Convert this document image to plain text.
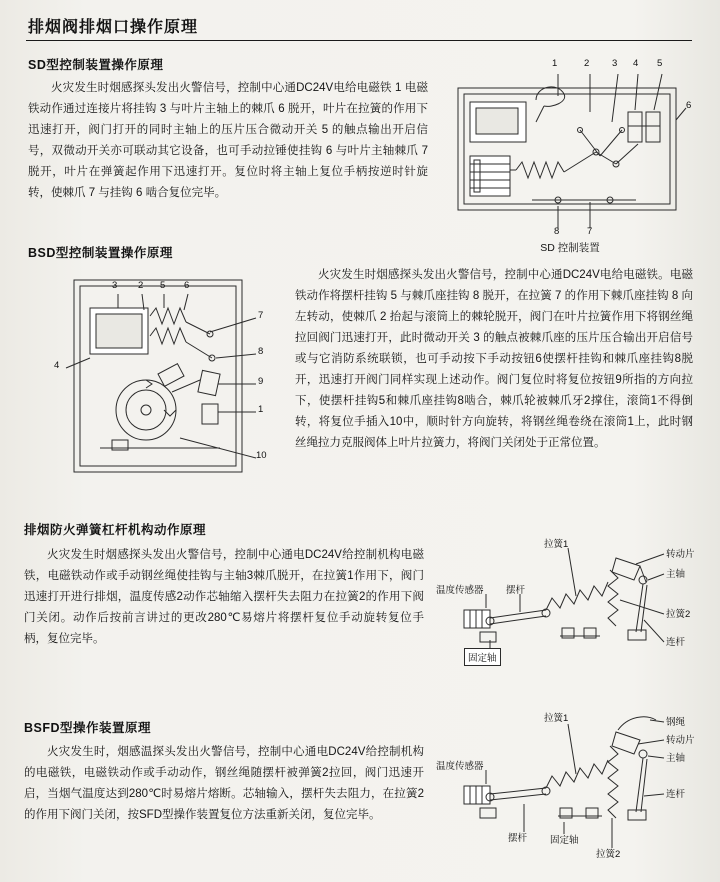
排烟阀排烟口操作原理
SD型控制装置操作原理
火灾发生时烟感探头发出火警信号，控制中心通DC24V电给电磁铁 1 电磁铁动作通过连接片将挂钩 3 与叶片主轴上的棘爪 6 脱开，叶片在拉簧的作用下迅速打开，阀门打开的同时主轴上的压片压合微动开关 5 的触点输出开启信号，双微动开关亦可联动其它设备，也可手动拉锤使挂钩 6 与叶片主轴棘爪 7 脱开，叶片在弹簧起作用下迅速打开。复位时将主轴上复位手柄按逆时针旋转，使棘爪 7 与挂钩 6 啮合复位完毕。
1	2 3 4 5
6
7
8
SD 控制装置
BSD型控制装置操作原理
3 2 5 6
7
8
9
1
10
4
火灾发生时烟感探头发出火警信号，控制中心通DC24V电给电磁铁。电磁铁动作将摆杆挂钩 5 与棘爪座挂钩 8 脱开，在拉簧 7 的作用下棘爪座挂钩 8 向左转动，使棘爪 2 抬起与滚筒上的棘轮脱开，阀门在叶片拉簧作用下将钢丝绳拉回阀门迅速打开，此时微动开关 3 的触点被棘爪座的压片压合输出开启信号或与它消防系统联锁，也可手动按下手动按钮6使摆杆挂钩和棘爪座挂钩8脱开，迅速打开阀门同样实现上述动作。阀门复位时将复位按钮9所指的方向拉下，使摆杆挂钩5和棘爪座挂钩8啮合，棘爪轮被棘爪牙2撑住，滚筒1不得倒转，将复位手插入10中，顺时针方向旋转，将钢丝绳卷绕在滚筒1上，此时钢丝绳拉力克服阀体上叶片拉簧力，将阀门关闭处于正常位置。
排烟防火弹簧杠杆机构动作原理
火灾发生时烟感探头发出火警信号，控制中心通电DC24V给控制机构电磁铁，电磁铁动作或手动钢丝绳使挂钩与主轴3棘爪脱开，在拉簧1作用下，阀门迅速打开进行排烟，温度传感2动作芯轴缩入摆杆失去阻力在拉簧2的作用下阀门关闭。动作后按前言讲过的更改280℃易熔片将摆杆复位手动旋转复位手柄，复位完毕。
拉簧1
转动片
主轴
拉簧2
连杆
温度传感器 摆杆
固定轴
BSFD型操作装置原理
火灾发生时，烟感温探头发出火警信号，控制中心通电DC24V给控制机构的电磁铁，电磁铁动作或手动动作，钢丝绳随摆杆被弹簧2拉回，阀门迅速开启，当烟气温度达到280℃时易熔片熔断。芯轴输入，摆杆失去阻力，在拉簧2的作用下阀门关闭，按SFD型操作装置复位方法重新关闭，复位完毕。
拉簧1	钢绳
转动片
主轴
连杆
温度传感器
摆杆 固定轴
拉簧2
